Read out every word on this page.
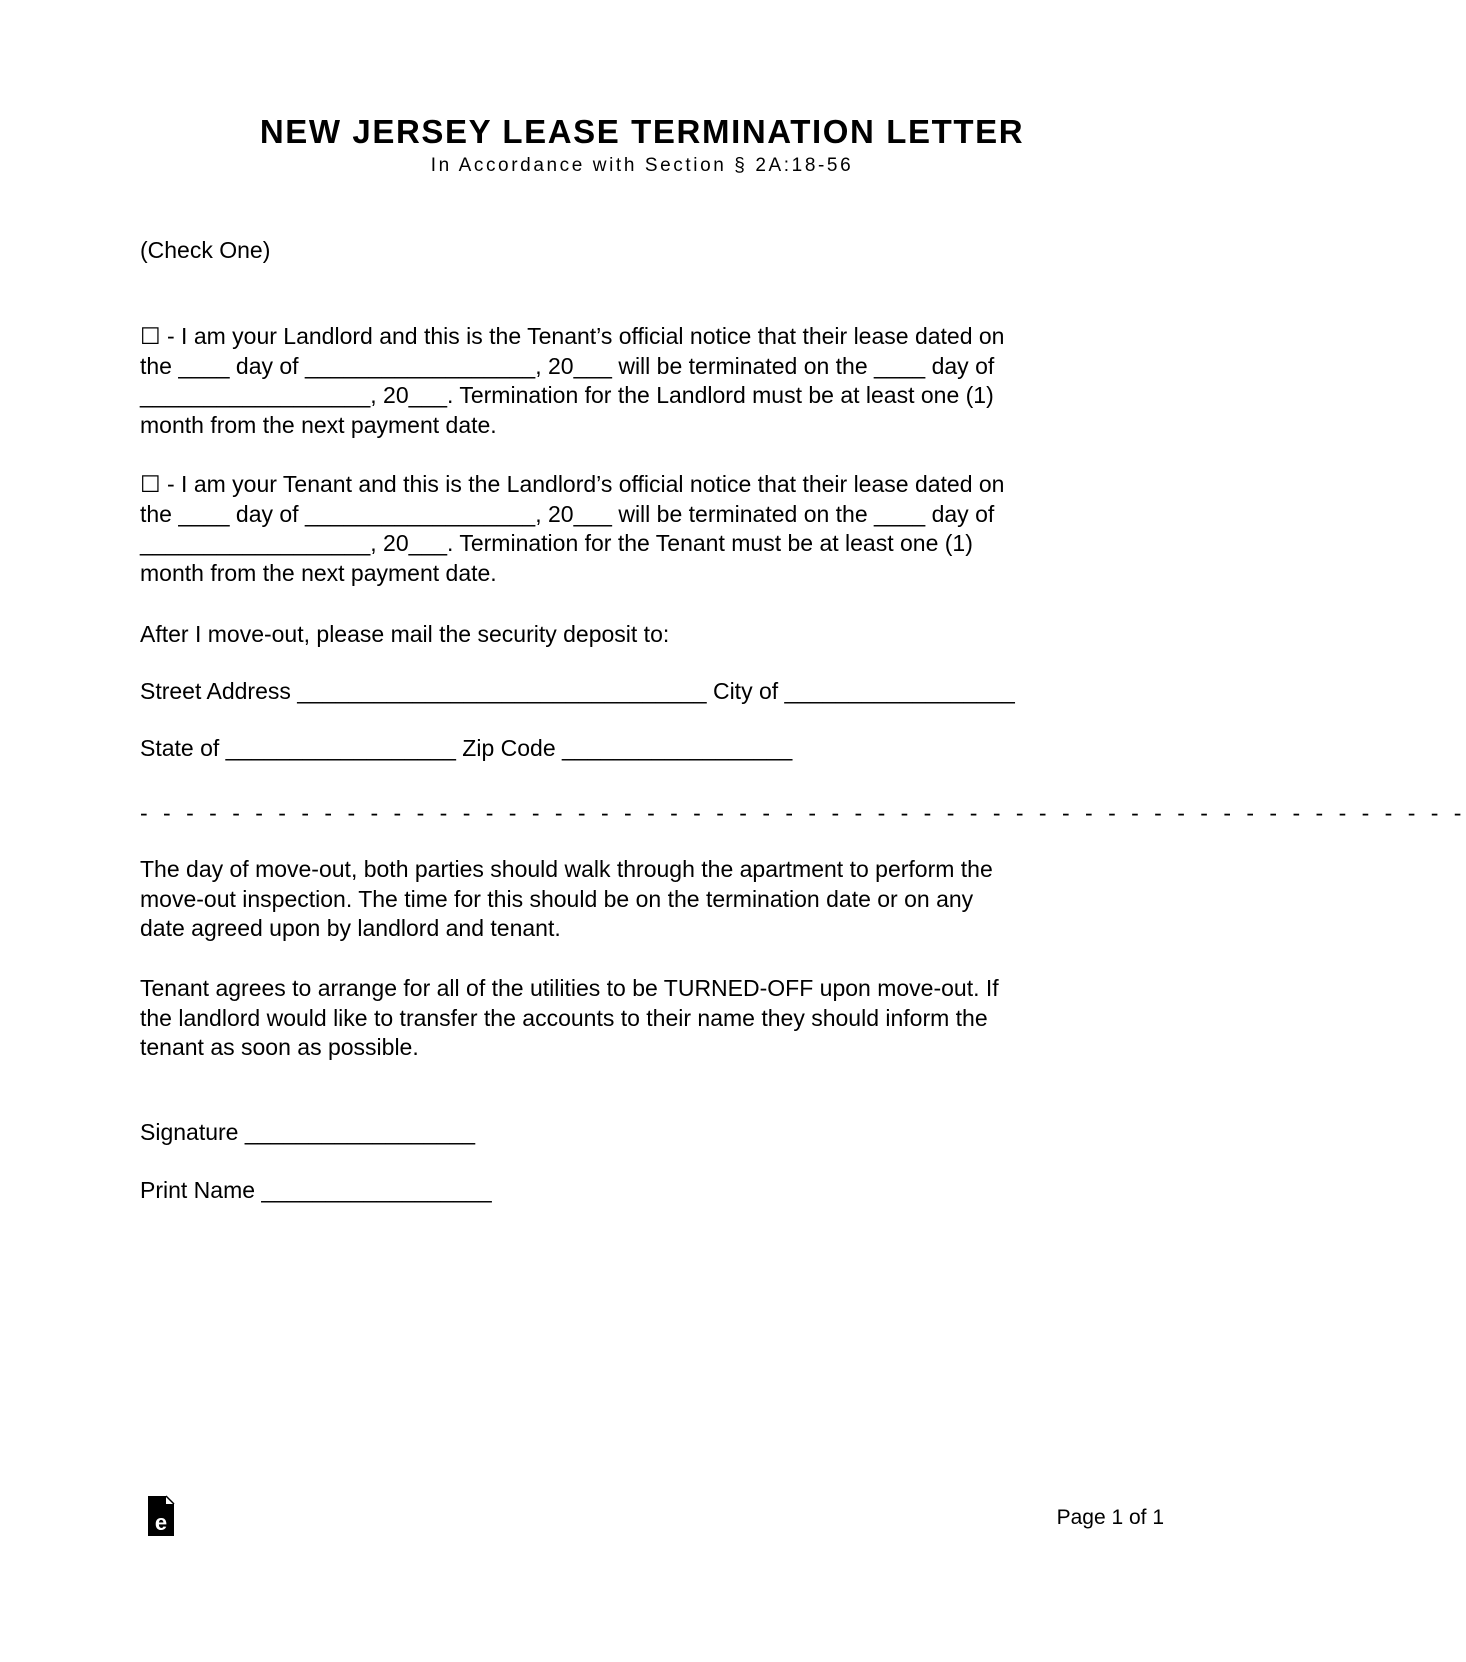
NEW JERSEY LEASE TERMINATION LETTER
In Accordance with Section § 2A:18-56
(Check One)
☐ - I am your Landlord and this is the Tenant’s official notice that their lease dated on
the ____ day of __________________, 20___ will be terminated on the ____ day of
__________________, 20___. Termination for the Landlord must be at least one (1)
month from the next payment date.
☐ - I am your Tenant and this is the Landlord’s official notice that their lease dated on
the ____ day of __________________, 20___ will be terminated on the ____ day of
__________________, 20___. Termination for the Tenant must be at least one (1)
month from the next payment date.
After I move-out, please mail the security deposit to:
Street Address ________________________________ City of __________________
State of __________________ Zip Code __________________
- - - - - - - - - - - - - - - - - - - - - - - - - - - - - - - - - - - - - - - - - - - - - - - - - - - - - - - - - -
The day of move-out, both parties should walk through the apartment to perform the
move-out inspection. The time for this should be on the termination date or on any
date agreed upon by landlord and tenant.
Tenant agrees to arrange for all of the utilities to be TURNED-OFF upon move-out. If
the landlord would like to transfer the accounts to their name they should inform the
tenant as soon as possible.
Signature __________________
Print Name __________________
e	Page 1 of 1
